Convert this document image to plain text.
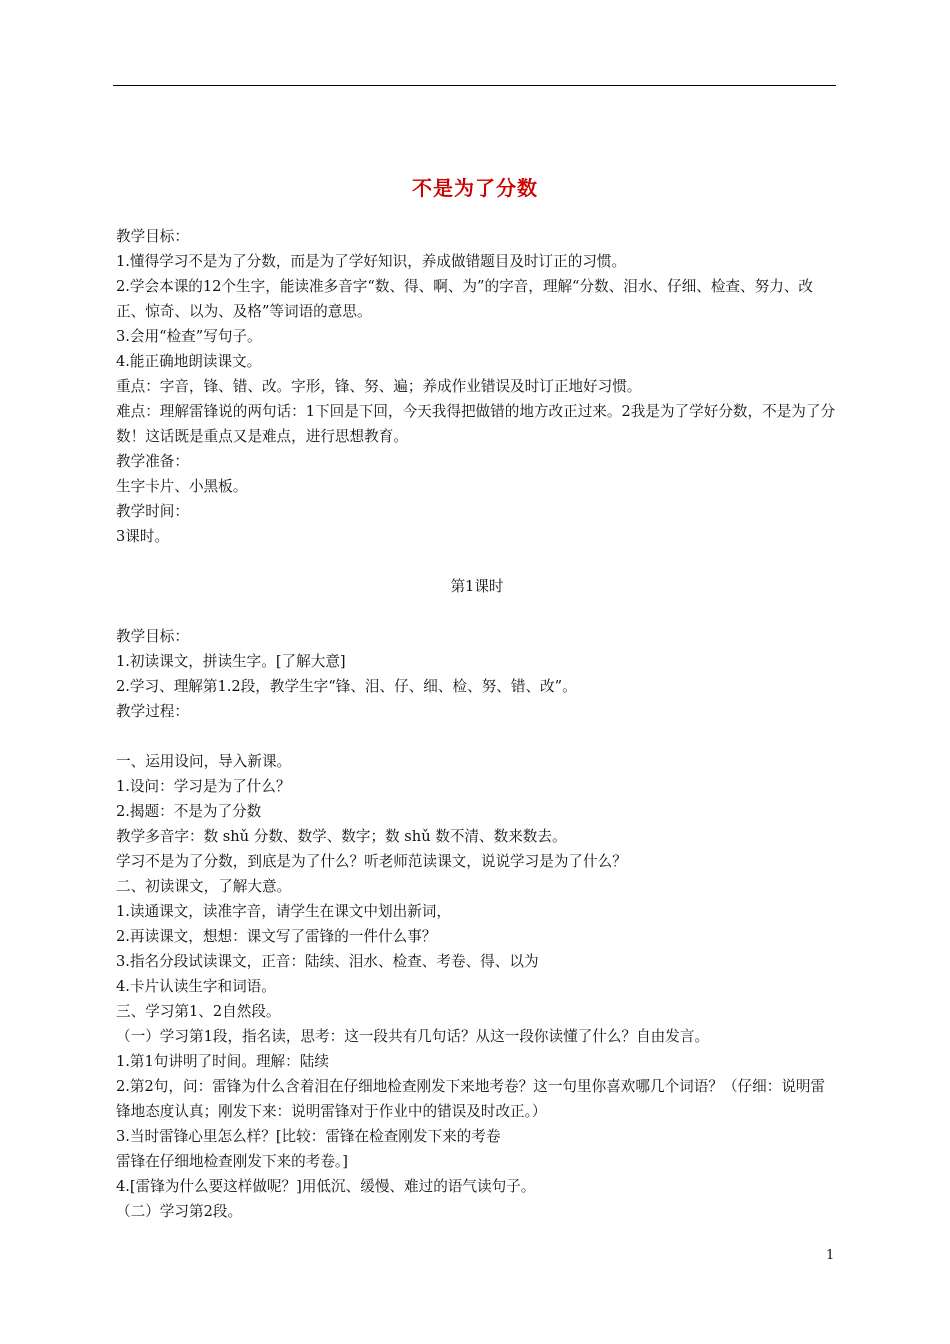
不是为了分数

教学目标：

1.懂得学习不是为了分数，而是为了学好知识，养成做错题目及时订正的习惯。

2.学会本课的12个生字，能读准多音字“数、得、啊、为”的字音，理解“分数、泪水、仔细、检查、努力、改正、惊奇、以为、及格”等词语的意思。

3.会用“检查”写句子。

4.能正确地朗读课文。

重点：字音，锋、错、改。字形，锋、努、遍；养成作业错误及时订正地好习惯。

难点：理解雷锋说的两句话：1下回是下回，今天我得把做错的地方改正过来。2我是为了学好分数，不是为了分数！这话既是重点又是难点，进行思想教育。

教学准备：

生字卡片、小黑板。

教学时间：

3课时。

第1课时

教学目标：

1.初读课文，拼读生字。[了解大意]

2.学习、理解第1.2段，教学生字“锋、泪、仔、细、检、努、错、改”。

教学过程：

一、运用设问，导入新课。

1.设问：学习是为了什么？

2.揭题：不是为了分数

教学多音字：数 shǔ 分数、数学、数字；数 shǔ 数不清、数来数去。

学习不是为了分数，到底是为了什么？听老师范读课文，说说学习是为了什么？

二、初读课文，了解大意。

1.读通课文，读准字音，请学生在课文中划出新词，

2.再读课文，想想：课文写了雷锋的一件什么事？

3.指名分段试读课文，正音：陆续、泪水、检查、考卷、得、以为

4.卡片认读生字和词语。

三、学习第1、2自然段。

（一）学习第1段，指名读，思考：这一段共有几句话？从这一段你读懂了什么？自由发言。

1.第1句讲明了时间。理解：陆续

2.第2句，问：雷锋为什么含着泪在仔细地检查刚发下来地考卷？这一句里你喜欢哪几个词语？（仔细：说明雷锋地态度认真；刚发下来：说明雷锋对于作业中的错误及时改正。）

3.当时雷锋心里怎么样？[比较：雷锋在检查刚发下来的考卷

雷锋在仔细地检查刚发下来的考卷。]

4.[雷锋为什么要这样做呢？]用低沉、缓慢、难过的语气读句子。

（二）学习第2段。

1
